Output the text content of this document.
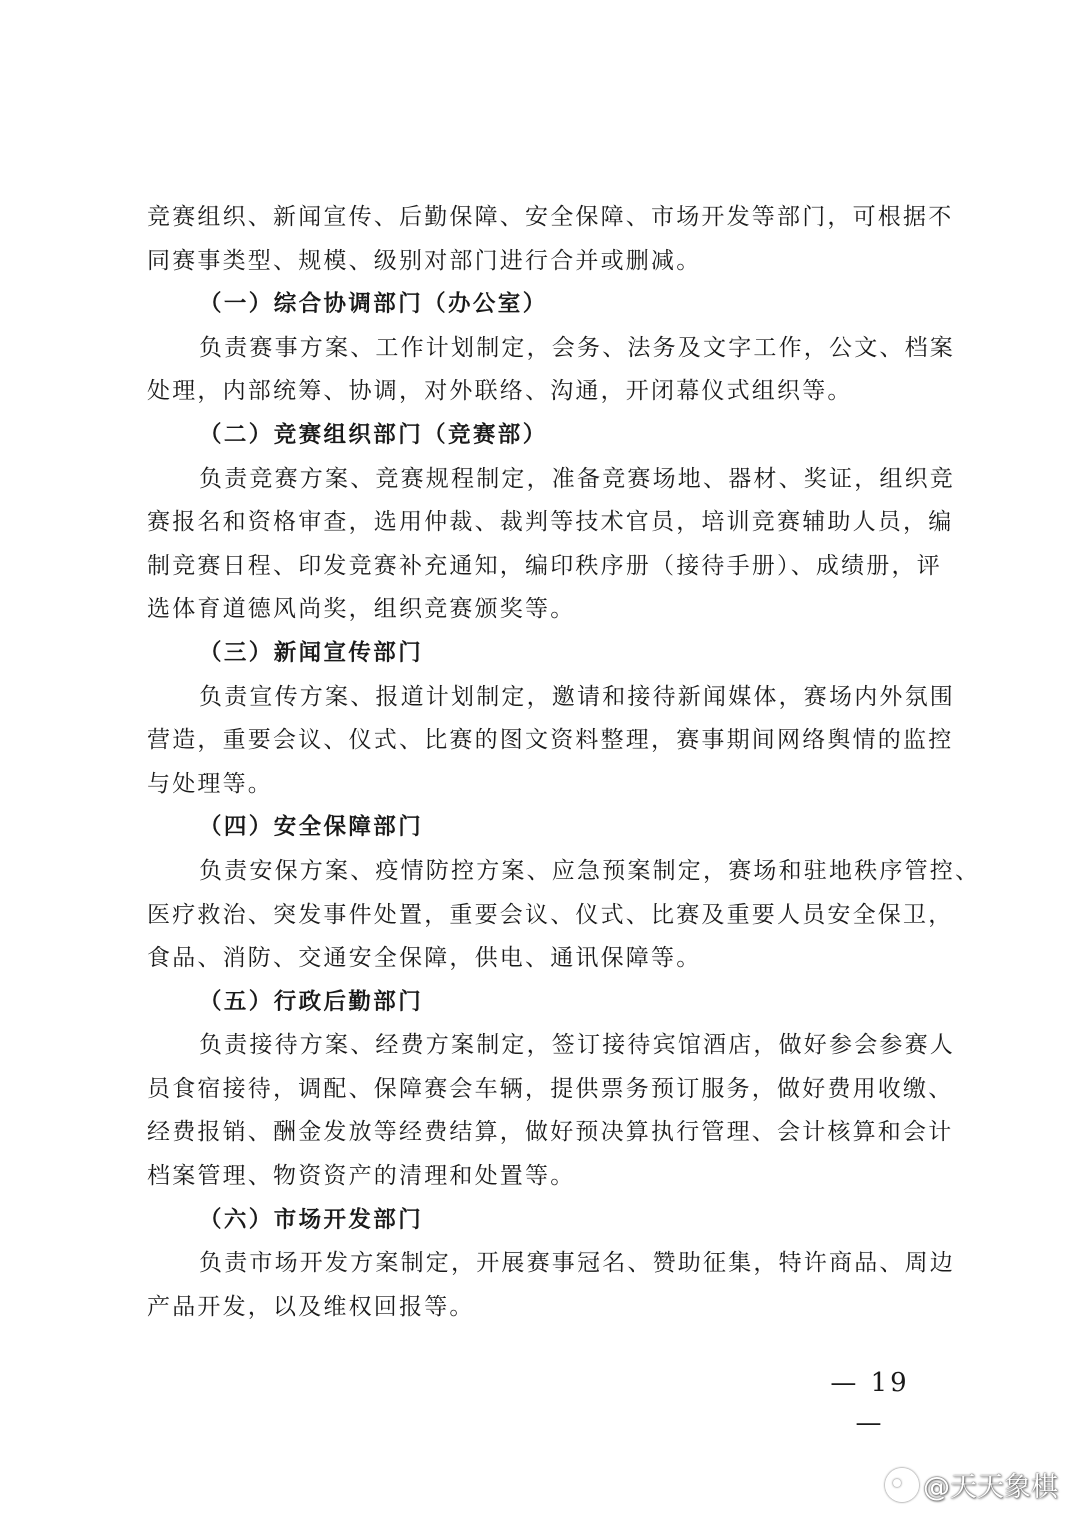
竞赛组织、新闻宣传、后勤保障、安全保障、市场开发等部门，可根据不
同赛事类型、规模、级别对部门进行合并或删减。
（一）综合协调部门（办公室）
负责赛事方案、工作计划制定，会务、法务及文字工作，公文、档案
处理，内部统筹、协调，对外联络、沟通，开闭幕仪式组织等。
（二）竞赛组织部门（竞赛部）
负责竞赛方案、竞赛规程制定，准备竞赛场地、器材、奖证，组织竞
赛报名和资格审查，选用仲裁、裁判等技术官员，培训竞赛辅助人员，编
制竞赛日程、印发竞赛补充通知，编印秩序册（接待手册）、成绩册，评
选体育道德风尚奖，组织竞赛颁奖等。
（三）新闻宣传部门
负责宣传方案、报道计划制定，邀请和接待新闻媒体，赛场内外氛围
营造，重要会议、仪式、比赛的图文资料整理，赛事期间网络舆情的监控
与处理等。
（四）安全保障部门
负责安保方案、疫情防控方案、应急预案制定，赛场和驻地秩序管控、
医疗救治、突发事件处置，重要会议、仪式、比赛及重要人员安全保卫，
食品、消防、交通安全保障，供电、通讯保障等。
（五）行政后勤部门
负责接待方案、经费方案制定，签订接待宾馆酒店，做好参会参赛人
员食宿接待，调配、保障赛会车辆，提供票务预订服务，做好费用收缴、
经费报销、酬金发放等经费结算，做好预决算执行管理、会计核算和会计
档案管理、物资资产的清理和处置等。
（六）市场开发部门
负责市场开发方案制定，开展赛事冠名、赞助征集，特许商品、周边
产品开发，以及维权回报等。
— 19 —
@天天象棋
